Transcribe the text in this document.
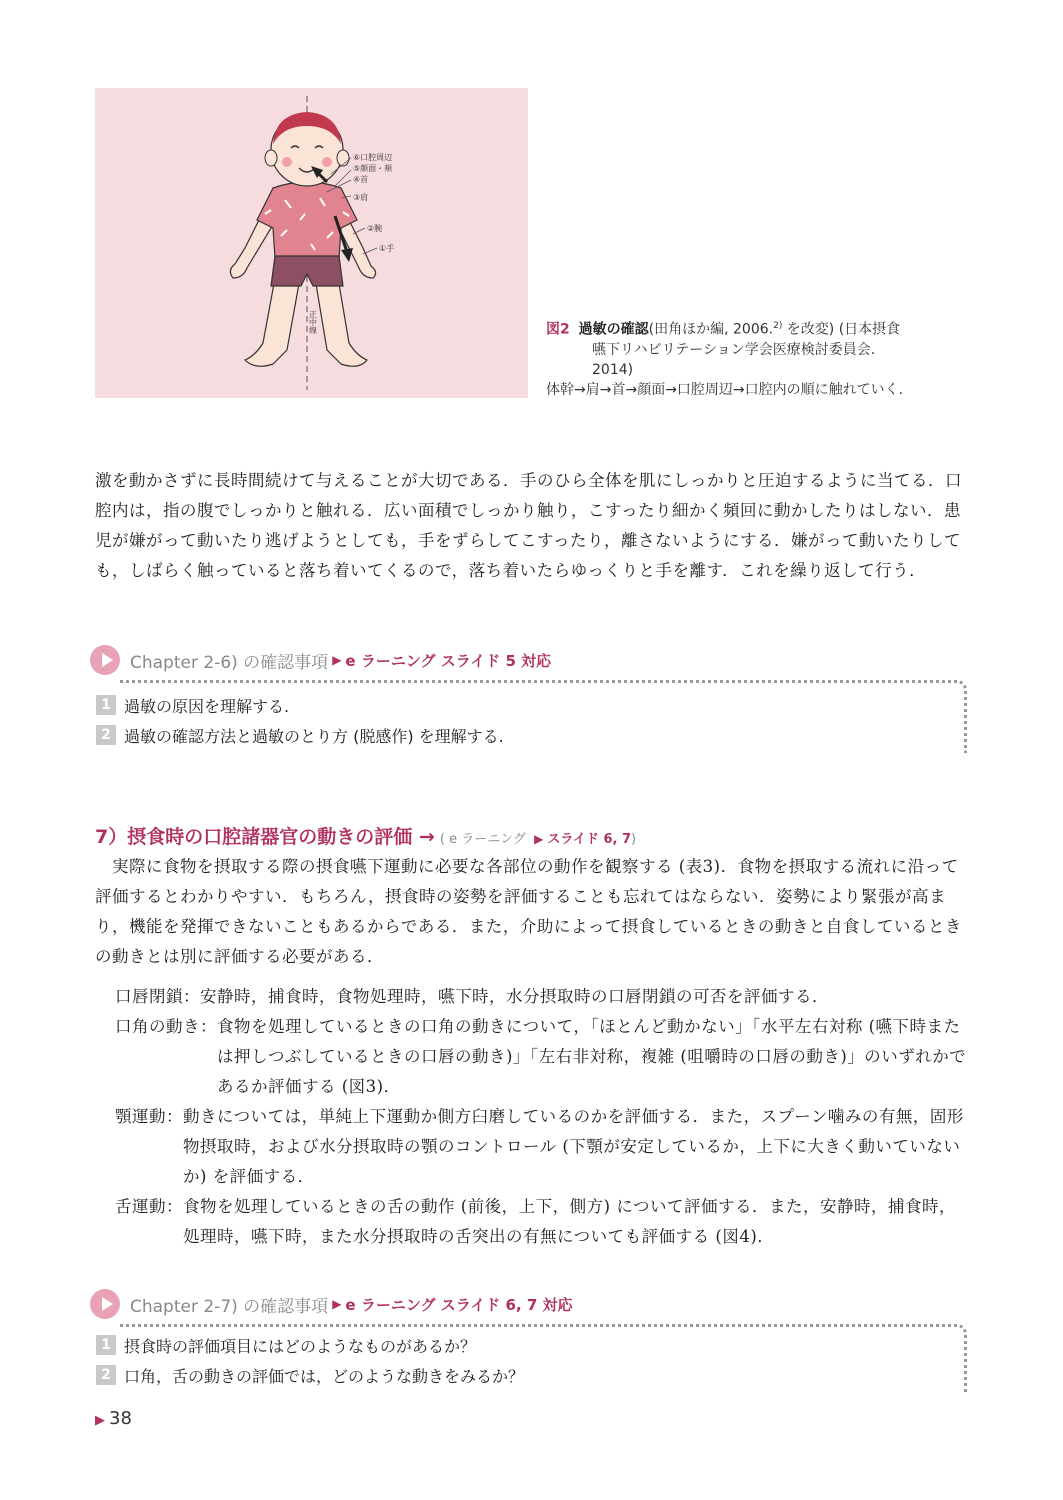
⑥口腔周辺
⑤顔面・頬
④首
③肩
②腕
①手
正中線	図2 過敏の確認(田角ほか編, 2006.$^{2)}$ を改変) (日本摂食
嚥下リハビリテーション学会医療検討委員会.
2014)
体幹→肩→首→顔面→口腔周辺→口腔内の順に触れていく.
激を動かさずに長時間続けて与えることが大切である．手のひら全体を肌にしっかりと圧迫するように当てる．口腔内は，指の腹でしっかりと触れる．広い面積でしっかり触り，こすったり細かく頻回に動かしたりはしない．患児が嫌がって動いたり逃げようとしても，手をずらしてこすったり，離さないようにする．嫌がって動いたりしても，しばらく触っていると落ち着いてくるので，落ち着いたらゆっくりと手を離す．これを繰り返して行う．
Chapter 2-6) の確認事項 ▶ e ラーニング スライド 5 対応
1 過敏の原因を理解する.
2 過敏の確認方法と過敏のとり方 (脱感作) を理解する.
7）摂食時の口腔諸器官の動きの評価 → ( e ラーニング ▶ スライド 6, 7)
実際に食物を摂取する際の摂食嚥下運動に必要な各部位の動作を観察する (表3)．食物を摂取する流れに沿って評価するとわかりやすい．もちろん，摂食時の姿勢を評価することも忘れてはならない．姿勢により緊張が高まり，機能を発揮できないこともあるからである．また，介助によって摂食しているときの動きと自食しているときの動きとは別に評価する必要がある．
口唇閉鎖： 安静時，捕食時，食物処理時，嚥下時，水分摂取時の口唇閉鎖の可否を評価する．
口角の動き： 食物を処理しているときの口角の動きについて，「ほとんど動かない」「水平左右対称 (嚥下時または押しつぶしているときの口唇の動き)」「左右非対称，複雑 (咀嚼時の口唇の動き)」のいずれかであるか評価する (図3)．
顎運動： 動きについては，単純上下運動か側方臼磨しているのかを評価する．また，スプーン噛みの有無，固形物摂取時，および水分摂取時の顎のコントロール (下顎が安定しているか，上下に大きく動いていないか) を評価する．
舌運動： 食物を処理しているときの舌の動作 (前後，上下，側方) について評価する．また，安静時，捕食時，処理時，嚥下時，また水分摂取時の舌突出の有無についても評価する (図4)．
Chapter 2-7) の確認事項 ▶ e ラーニング スライド 6, 7 対応
1 摂食時の評価項目にはどのようなものがあるか？
2 口角，舌の動きの評価では，どのような動きをみるか？
▶ 38
